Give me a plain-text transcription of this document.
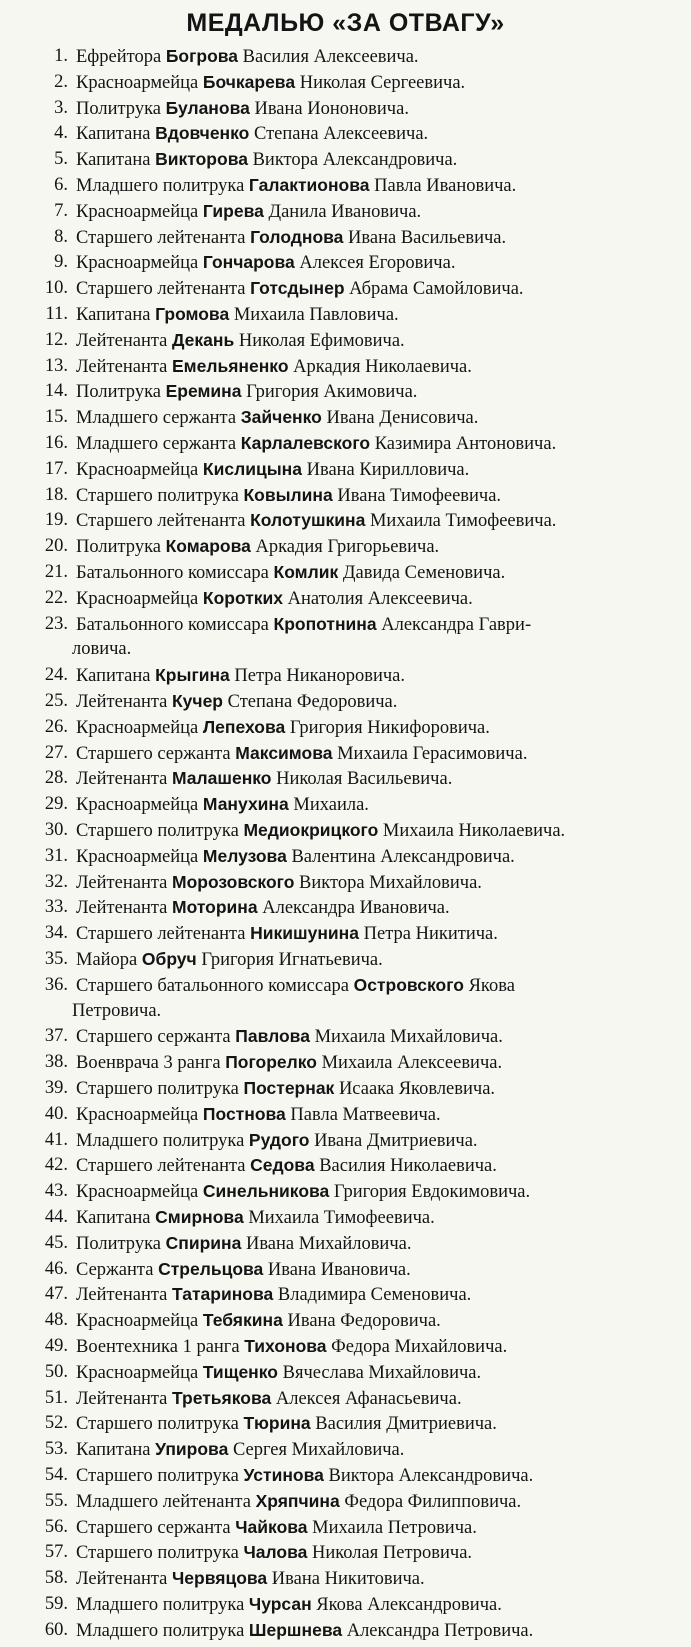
МЕДАЛЬЮ «ЗА ОТВАГУ»
1. Ефрейтора Богрова Василия Алексеевича.
2. Красноармейца Бочкарева Николая Сергеевича.
3. Политрука Буланова Ивана Иононовича.
4. Капитана Вдовченко Степана Алексеевича.
5. Капитана Викторова Виктора Александровича.
6. Младшего политрука Галактионова Павла Ивановича.
7. Красноармейца Гирева Данила Ивановича.
8. Старшего лейтенанта Голоднова Ивана Васильевича.
9. Красноармейца Гончарова Алексея Егоровича.
10. Старшего лейтенанта Готсдынер Абрама Самойловича.
11. Капитана Громова Михаила Павловича.
12. Лейтенанта Декань Николая Ефимовича.
13. Лейтенанта Емельяненко Аркадия Николаевича.
14. Политрука Еремина Григория Акимовича.
15. Младшего сержанта Зайченко Ивана Денисовича.
16. Младшего сержанта Карлалевского Казимира Антоновича.
17. Красноармейца Кислицына Ивана Кирилловича.
18. Старшего политрука Ковылина Ивана Тимофеевича.
19. Старшего лейтенанта Колотушкина Михаила Тимофеевича.
20. Политрука Комарова Аркадия Григорьевича.
21. Батальонного комиссара Комлик Давида Семеновича.
22. Красноармейца Коротких Анатолия Алексеевича.
23. Батальонного комиссара Кропотнина Александра Гаври-
ловича.
24. Капитана Крыгина Петра Никаноровича.
25. Лейтенанта Кучер Степана Федоровича.
26. Красноармейца Лепехова Григория Никифоровича.
27. Старшего сержанта Максимова Михаила Герасимовича.
28. Лейтенанта Малашенко Николая Васильевича.
29. Красноармейца Манухина Михаила.
30. Старшего политрука Медиокрицкого Михаила Николаевича.
31. Красноармейца Мелузова Валентина Александровича.
32. Лейтенанта Морозовского Виктора Михайловича.
33. Лейтенанта Моторина Александра Ивановича.
34. Старшего лейтенанта Никишунина Петра Никитича.
35. Майора Обруч Григория Игнатьевича.
36. Старшего батальонного комиссара Островского Якова
Петровича.
37. Старшего сержанта Павлова Михаила Михайловича.
38. Военврача 3 ранга Погорелко Михаила Алексеевича.
39. Старшего политрука Постернак Исаака Яковлевича.
40. Красноармейца Постнова Павла Матвеевича.
41. Младшего политрука Рудого Ивана Дмитриевича.
42. Старшего лейтенанта Седова Василия Николаевича.
43. Красноармейца Синельникова Григория Евдокимовича.
44. Капитана Смирнова Михаила Тимофеевича.
45. Политрука Спирина Ивана Михайловича.
46. Сержанта Стрельцова Ивана Ивановича.
47. Лейтенанта Татаринова Владимира Семеновича.
48. Красноармейца Тебякина Ивана Федоровича.
49. Воентехника 1 ранга Тихонова Федора Михайловича.
50. Красноармейца Тищенко Вячеслава Михайловича.
51. Лейтенанта Третьякова Алексея Афанасьевича.
52. Старшего политрука Тюрина Василия Дмитриевича.
53. Капитана Упирова Сергея Михайловича.
54. Старшего политрука Устинова Виктора Александровича.
55. Младшего лейтенанта Хряпчина Федора Филипповича.
56. Старшего сержанта Чайкова Михаила Петровича.
57. Старшего политрука Чалова Николая Петровича.
58. Лейтенанта Червяцова Ивана Никитовича.
59. Младшего политрука Чурсан Якова Александровича.
60. Младшего политрука Шершнева Александра Петровича.
